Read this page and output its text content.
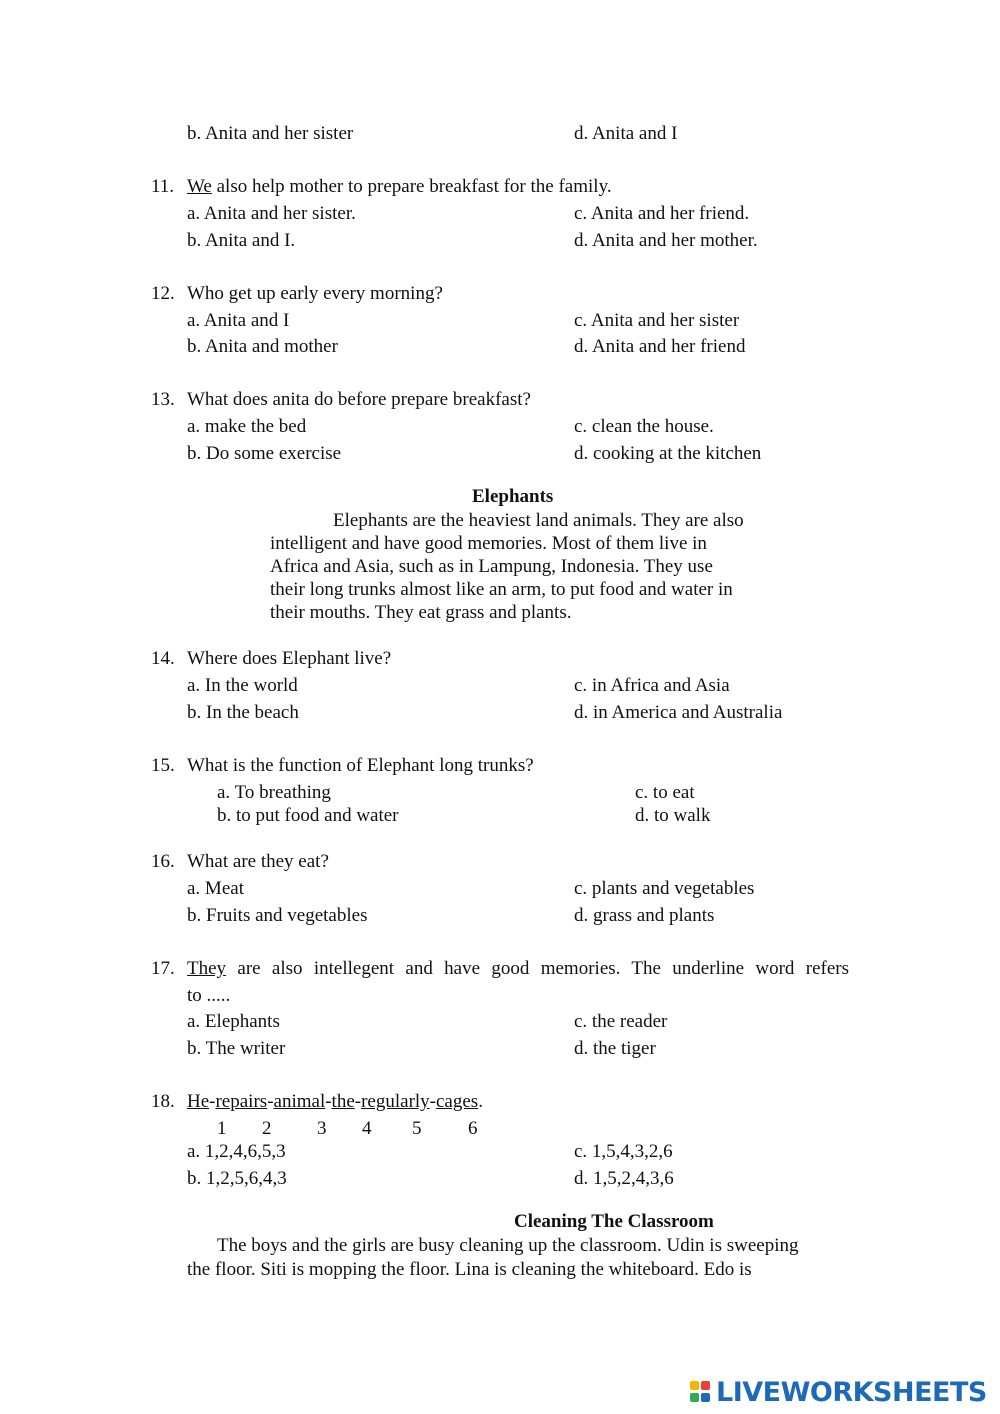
b. Anita and her sister	d. Anita and I
11. We also help mother to prepare breakfast for the family.
a. Anita and her sister.	c. Anita and her friend.
b. Anita and I.	d. Anita and her mother.
12. Who get up early every morning?
a. Anita and I	c. Anita and her sister
b. Anita and mother	d. Anita and her friend
13. What does anita do before prepare breakfast?
a. make the bed	c. clean the house.
b. Do some exercise	d. cooking at the kitchen
Elephants
Elephants are the heaviest land animals. They are also
intelligent and have good memories. Most of them live in
Africa and Asia, such as in Lampung, Indonesia. They use
their long trunks almost like an arm, to put food and water in
their mouths. They eat grass and plants.
14. Where does Elephant live?
a. In the world	c. in Africa and Asia
b. In the beach	d. in America and Australia
15. What is the function of Elephant long trunks?
a. To breathing	c. to eat
b. to put food and water	d. to walk
16. What are they eat?
a. Meat	c. plants and vegetables
b. Fruits and vegetables	d. grass and plants
17. They are also intellegent and have good memories. The underline word refers
to .....
a. Elephants	c. the reader
b. The writer	d. the tiger
18. He-repairs-animal-the-regularly-cages.
1 2 3 4 5 6
a. 1,2,4,6,5,3	c. 1,5,4,3,2,6
b. 1,2,5,6,4,3	d. 1,5,2,4,3,6
Cleaning The Classroom
The boys and the girls are busy cleaning up the classroom. Udin is sweeping
the floor. Siti is mopping the floor. Lina is cleaning the whiteboard. Edo is
LIVEWORKSHEETS
